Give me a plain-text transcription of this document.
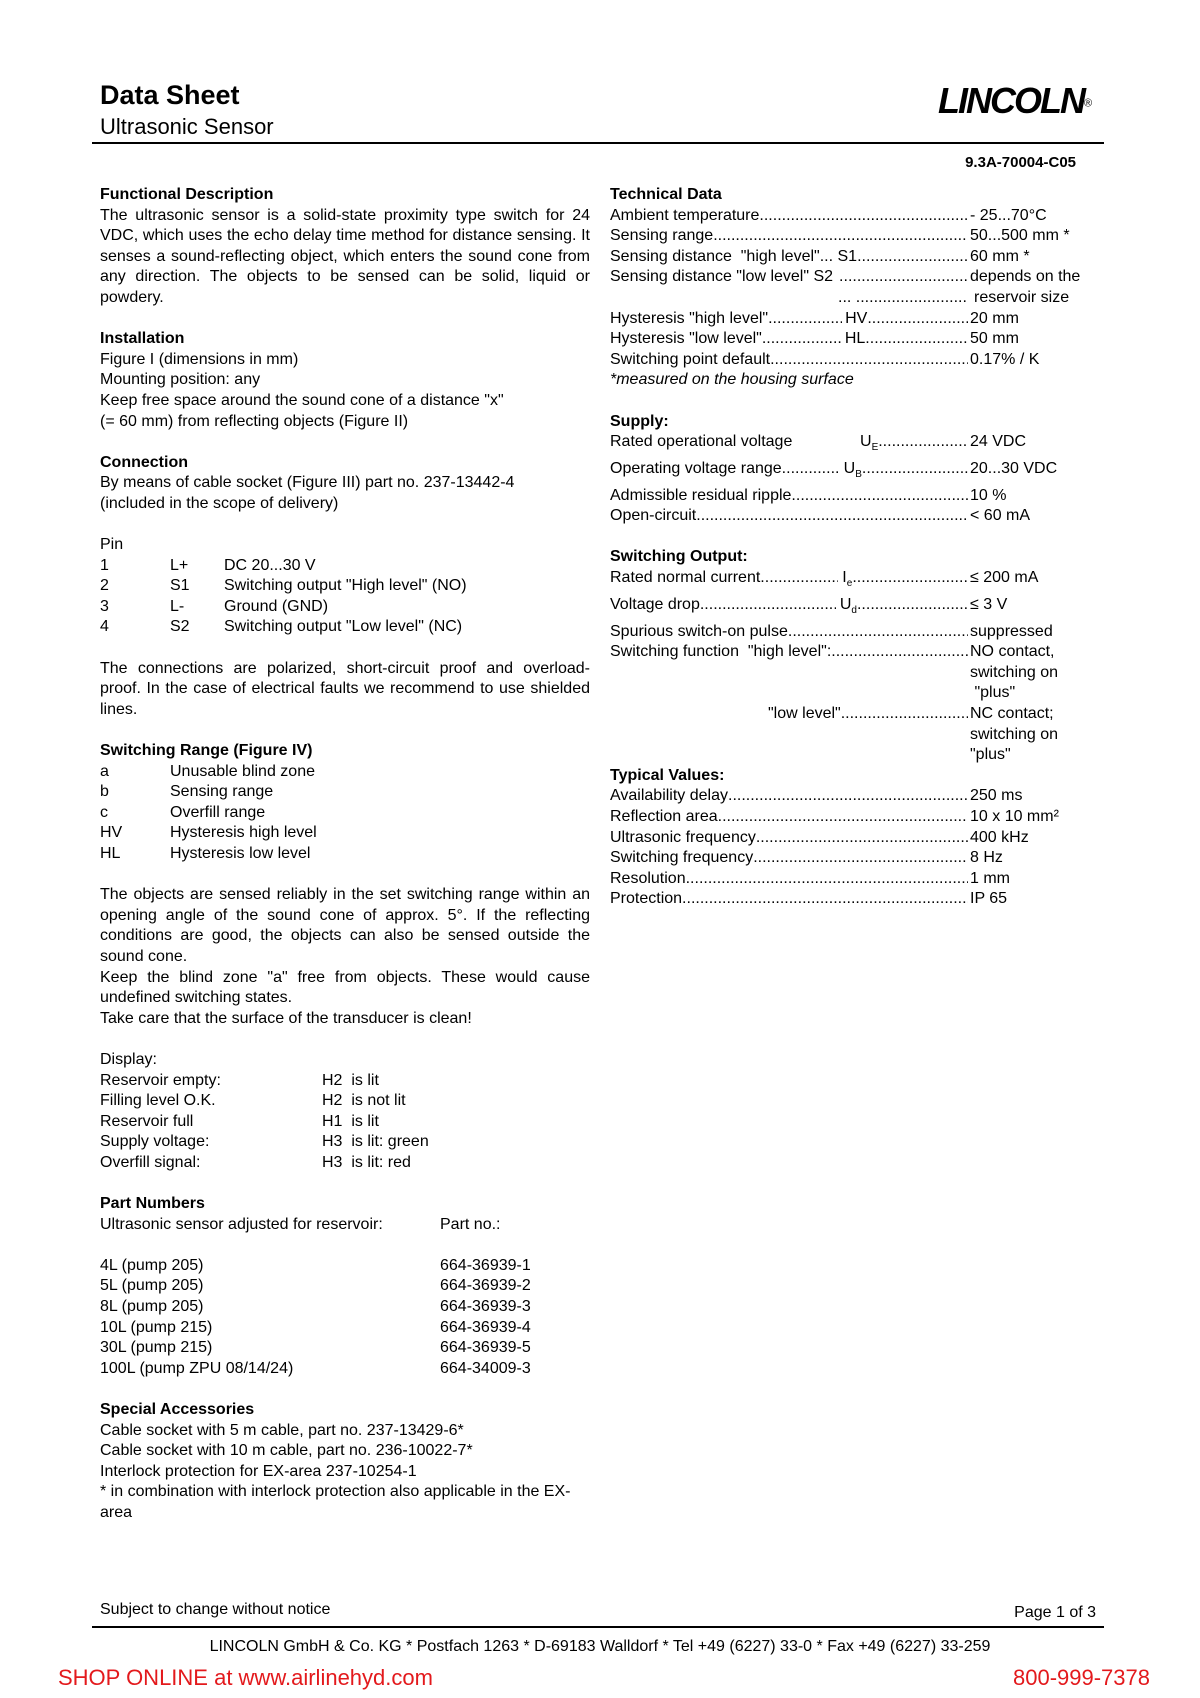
Data Sheet
Ultrasonic Sensor
LINCOLN®
9.3A-70004-C05
Functional Description
The ultrasonic sensor is a solid-state proximity type switch for 24 VDC, which uses the echo delay time method for distance sensing. It senses a sound-reflecting object, which enters the sound cone from any direction. The objects to be sensed can be solid, liquid or powdery.
Installation
Figure I (dimensions in mm)
Mounting position: any
Keep free space around the sound cone of a distance "x"
(= 60 mm) from reflecting objects (Figure II)
Connection
By means of cable socket (Figure III) part no. 237-13442-4
(included in the scope of delivery)
Pin
1	L+	DC 20...30 V
2	S1	Switching output "High level" (NO)
3	L-	Ground (GND)
4	S2	Switching output "Low level" (NC)
The connections are polarized, short-circuit proof and overload-proof. In the case of electrical faults we recommend to use shielded lines.
Switching Range (Figure IV)
a	Unusable blind zone
b	Sensing range
c	Overfill range
HV	Hysteresis high level
HL	Hysteresis low level
The objects are sensed reliably in the set switching range within an opening angle of the sound cone of approx. 5°. If the reflecting conditions are good, the objects can also be sensed outside the sound cone.
Keep the blind zone "a" free from objects. These would cause undefined switching states.
Take care that the surface of the transducer is clean!
Display:
Reservoir empty:	H2  is lit
Filling level O.K.	H2  is not lit
Reservoir full	H1  is lit
Supply voltage:	H3  is lit: green
Overfill signal:	H3  is lit: red
Part Numbers
Ultrasonic sensor adjusted for reservoir:	Part no.:
4L (pump 205)	664-36939-1
5L (pump 205)	664-36939-2
8L (pump 205)	664-36939-3
10L (pump 215)	664-36939-4
30L (pump 215)	664-36939-5
100L (pump ZPU 08/14/24)	664-34009-3
Special Accessories
Cable socket with 5 m cable, part no. 237-13429-6*
Cable socket with 10 m cable, part no. 236-10022-7*
Interlock protection for EX-area 237-10254-1
* in combination with interlock protection also applicable in the EX-area
Technical Data
Ambient temperature .....	- 25...70°C
Sensing range .....	50...500 mm *
Sensing distance  "high level"... S1 .....	60 mm *
Sensing distance "low level" S2 .....	depends on the
... .....	reservoir size
Hysteresis "high level" .....	HV .....	20 mm
Hysteresis "low level" .....	HL .....	50 mm
Switching point default .....	0.17% / K
*measured on the housing surface
Supply:
Rated operational voltage	$U_E$ .....	24 VDC
Operating voltage range .....	$U_B$ .....	20...30 VDC
Admissible residual ripple .....	10 %
Open-circuit .....	< 60 mA
Switching Output:
Rated normal current .....	$I_e$ .....	≤ 200 mA
Voltage drop .....	$U_d$ .....	≤ 3 V
Spurious switch-on pulse .....	suppressed
Switching function  "high level": .....	NO contact,
switching on
"plus"
"low level" .....	NC contact;
switching on
"plus"
Typical Values:
Availability delay .....	250 ms
Reflection area .....	10 x 10 mm²
Ultrasonic frequency .....	400 kHz
Switching frequency .....	8 Hz
Resolution .....	1 mm
Protection .....	IP 65
Subject to change without notice	Page 1 of 3
LINCOLN GmbH & Co. KG * Postfach 1263 * D-69183 Walldorf * Tel +49 (6227) 33-0 * Fax +49 (6227) 33-259
SHOP ONLINE at www.airlinehyd.com	800-999-7378
